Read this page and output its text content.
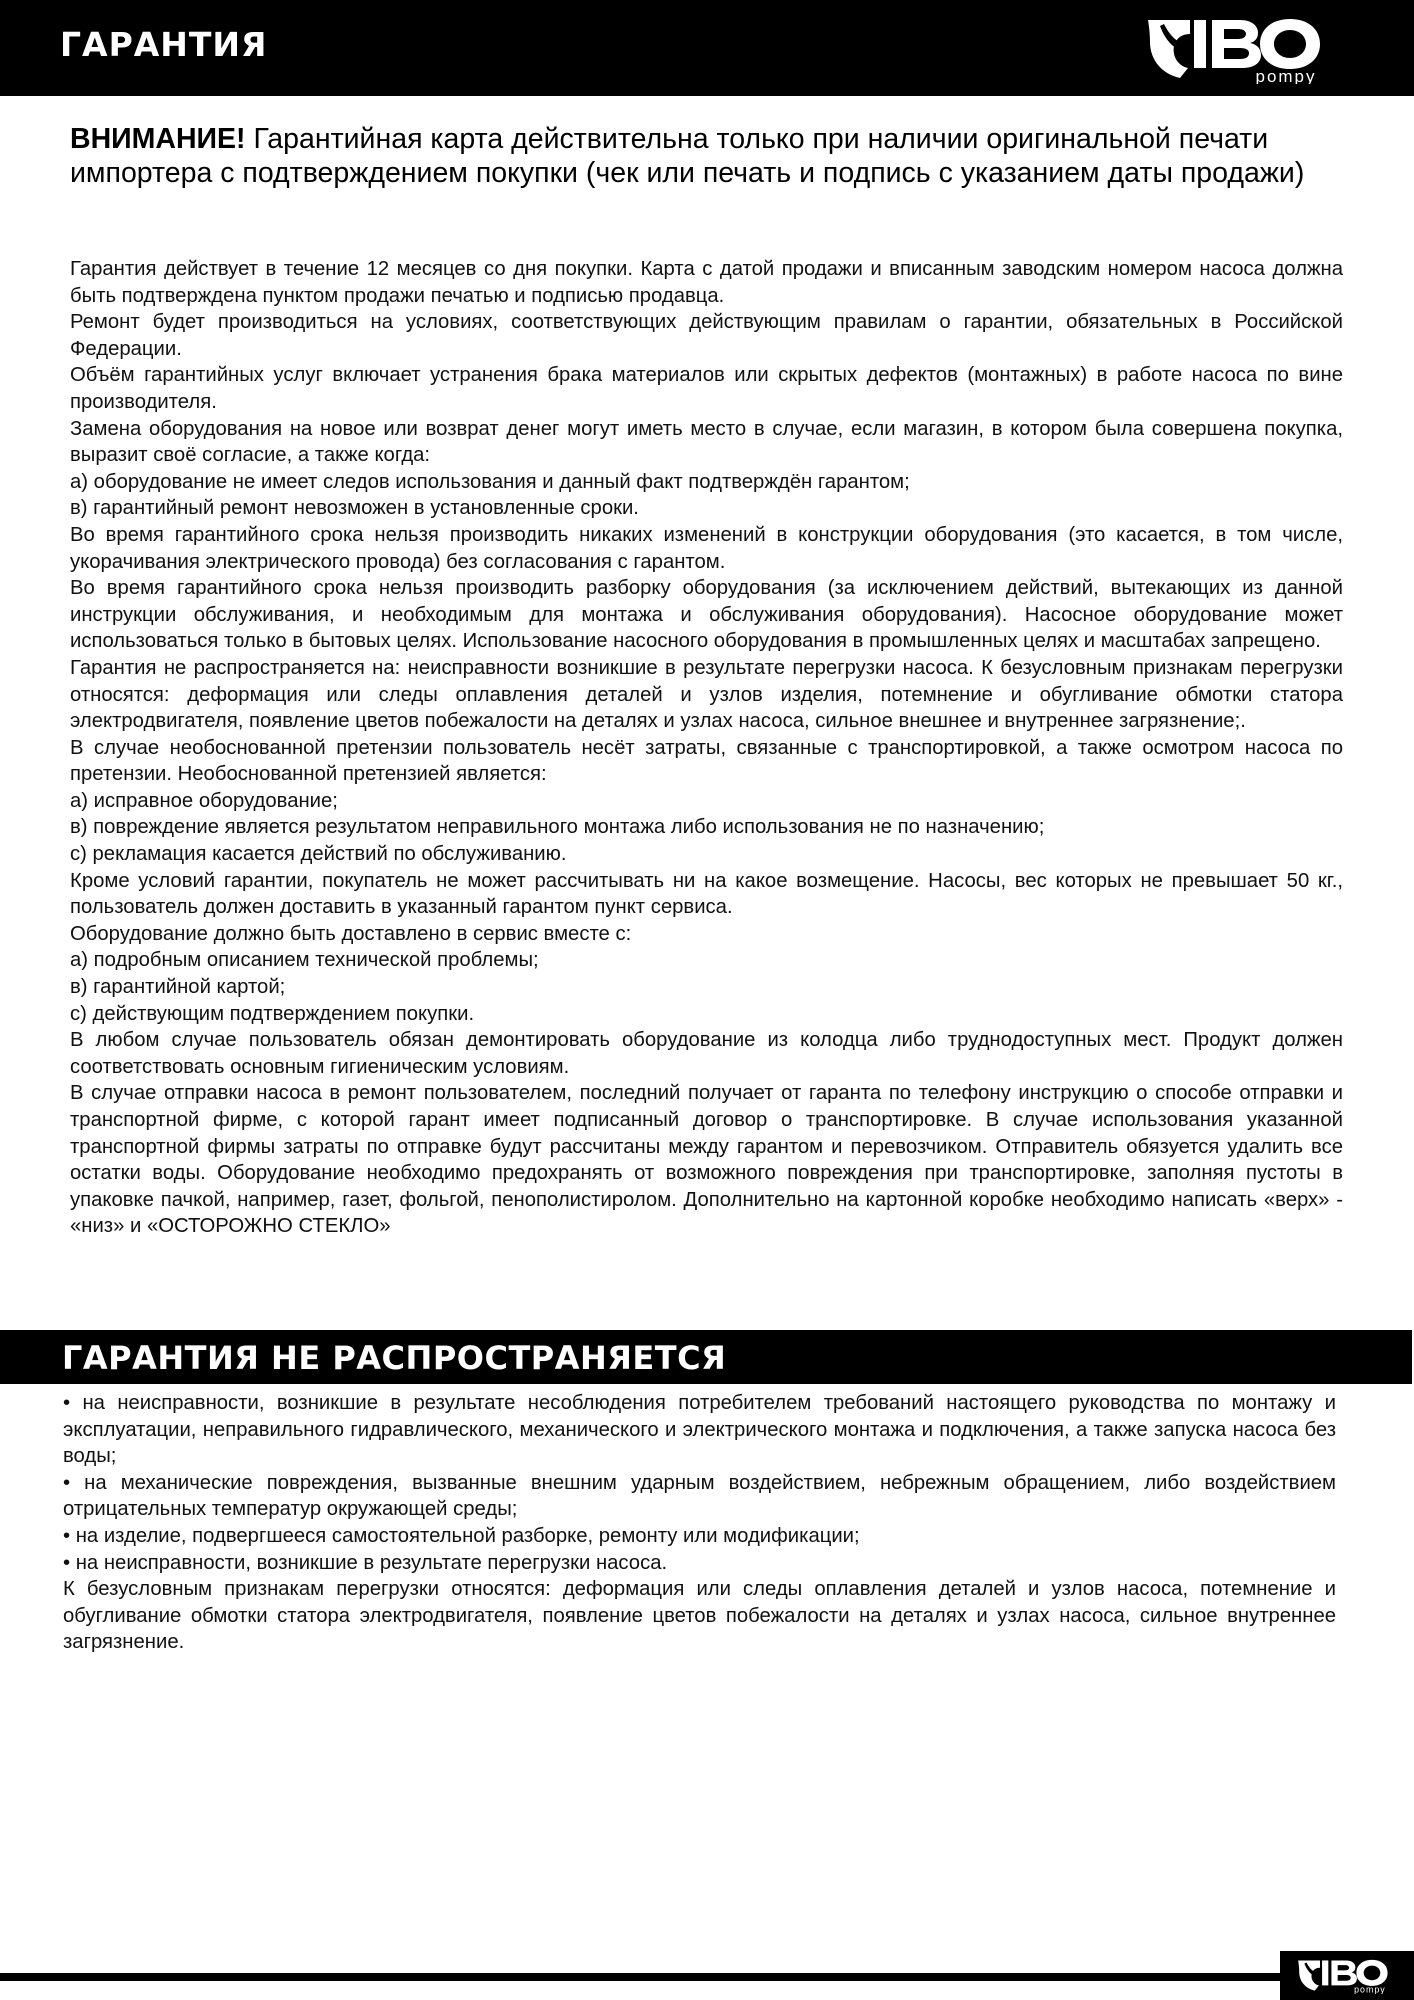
ГАРАНТИЯ
pompy
ВНИМАНИЕ! Гарантийная карта действительна только при наличии оригинальной печати импортера с подтверждением покупки (чек или печать и подпись с указанием даты продажи)

Гарантия действует в течение 12 месяцев со дня покупки. Карта с датой продажи и вписанным заводским номером насоса должна быть подтверждена пунктом продажи печатью и подписью продавца.

Ремонт будет производиться на условиях, соответствующих действующим правилам о гарантии, обязательных в Российской Федерации.

Объём гарантийных услуг включает устранения брака материалов или скрытых дефектов (монтажных) в работе насоса по вине производителя.

Замена оборудования на новое или возврат денег могут иметь место в случае, если магазин, в котором была совершена покупка, выразит своё согласие, а также когда:

а) оборудование не имеет следов использования и данный факт подтверждён гарантом;

в) гарантийный ремонт невозможен в установленные сроки.

Во время гарантийного срока нельзя производить никаких изменений в конструкции оборудования (это касается, в том числе, укорачивания электрического провода) без согласования с гарантом.

Во время гарантийного срока нельзя производить разборку оборудования (за исключением действий, вытекающих из данной инструкции обслуживания, и необходимым для монтажа и обслуживания оборудования). Насосное оборудование может использоваться только в бытовых целях. Использование насосного оборудования в промышленных целях и масштабах запрещено.

Гарантия не распространяется на: неисправности возникшие в результате перегрузки насоса. К безусловным признакам перегрузки относятся: деформация или следы оплавления деталей и узлов изделия, потемнение и обугливание обмотки статора электродвигателя, появление цветов побежалости на деталях и узлах насоса, сильное внешнее и внутреннее загрязнение;.

В случае необоснованной претензии пользователь несёт затраты, связанные с транспортировкой, а также осмотром насоса по претензии. Необоснованной претензией является:

а) исправное оборудование;

в) повреждение является результатом неправильного монтажа либо использования не по назначению;

с) рекламация касается действий по обслуживанию.

Кроме условий гарантии, покупатель не может рассчитывать ни на какое возмещение. Насосы, вес которых не превышает 50 кг., пользователь должен доставить в указанный гарантом пункт сервиса.

Оборудование должно быть доставлено в сервис вместе с:

а) подробным описанием технической проблемы;

в) гарантийной картой;

с) действующим подтверждением покупки.

В любом случае пользователь обязан демонтировать оборудование из колодца либо труднодоступных мест. Продукт должен соответствовать основным гигиеническим условиям.

В случае отправки насоса в ремонт пользователем, последний получает от гаранта по телефону инструкцию о способе отправки и транспортной фирме, с которой гарант имеет подписанный договор о транспортировке. В случае использования указанной транспортной фирмы затраты по отправке будут рассчитаны между гарантом и перевозчиком. Отправитель обязуется удалить все остатки воды. Оборудование необходимо предохранять от возможного повреждения при транспортировке, заполняя пустоты в упаковке пачкой, например, газет, фольгой, пенополистиролом. Дополнительно на картонной коробке необходимо написать «верх» - «низ» и «ОСТОРОЖНО СТЕКЛО»

ГАРАНТИЯ НЕ РАСПРОСТРАНЯЕТСЯ

• на неисправности, возникшие в результате несоблюдения потребителем требований настоящего руководства по монтажу и эксплуатации, неправильного гидравлического, механического и электрического монтажа и подключения, а также запуска насоса без воды;

• на механические повреждения, вызванные внешним ударным воздействием, небрежным обращением, либо воздействием отрицательных температур окружающей среды;

• на изделие, подвергшееся самостоятельной разборке, ремонту или модификации;

• на неисправности, возникшие в результате перегрузки насоса.

К безусловным признакам перегрузки относятся: деформация или следы оплавления деталей и узлов насоса, потемнение и обугливание обмотки статора электродвигателя, появление цветов побежалости на деталях и узлах насоса, сильное внутреннее загрязнение.

pompy
